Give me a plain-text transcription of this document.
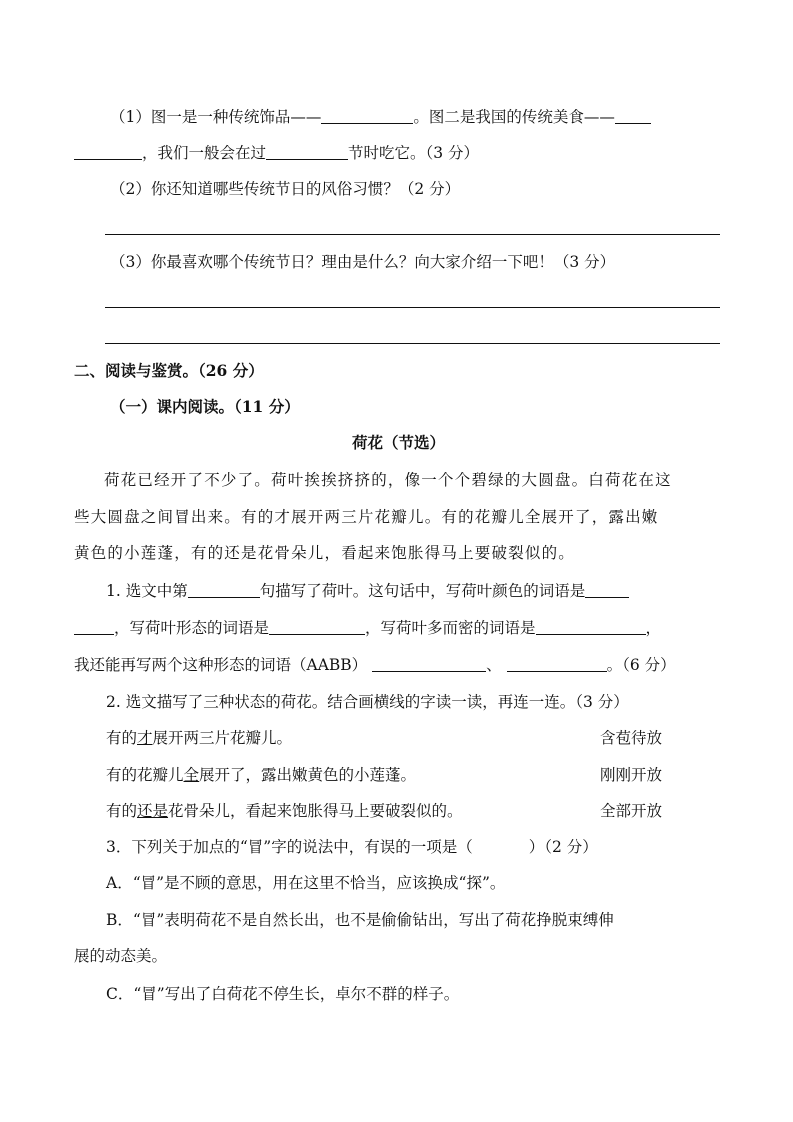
（1）图一是一种传统饰品——	。图二是我国的传统美食——
，我们一般会在过	节时吃它。（3 分）
（2）你还知道哪些传统节日的风俗习惯？（2 分）
（3）你最喜欢哪个传统节日？理由是什么？向大家介绍一下吧！（3 分）
二、阅读与鉴赏。（26 分）
（一）课内阅读。（11 分）
荷花（节选）
荷花已经开了不少了。荷叶挨挨挤挤的，像一个个碧绿的大圆盘。白荷花在这
些大圆盘之间冒出来。有的才展开两三片花瓣儿。有的花瓣儿全展开了，露出嫩
黄色的小莲蓬，有的还是花骨朵儿，看起来饱胀得马上要破裂似的。
1. 选文中第	句描写了荷叶。这句话中，写荷叶颜色的词语是
，写荷叶形态的词语是	，写荷叶多而密的词语是	，
我还能再写两个这种形态的词语（AABB）	、	。（6 分）
2. 选文描写了三种状态的荷花。结合画横线的字读一读，再连一连。（3 分）
有的才展开两三片花瓣儿。	含苞待放
有的花瓣儿全展开了，露出嫩黄色的小莲蓬。	刚刚开放
有的还是花骨朵儿，看起来饱胀得马上要破裂似的。	全部开放
3．下列关于加点的“冒”字的说法中，有误的一项是（	）（2 分）
A．“冒”是不顾的意思，用在这里不恰当，应该换成“探”。
B．“冒”表明荷花不是自然长出，也不是偷偷钻出，写出了荷花挣脱束缚伸
展的动态美。
C．“冒”写出了白荷花不停生长，卓尔不群的样子。
